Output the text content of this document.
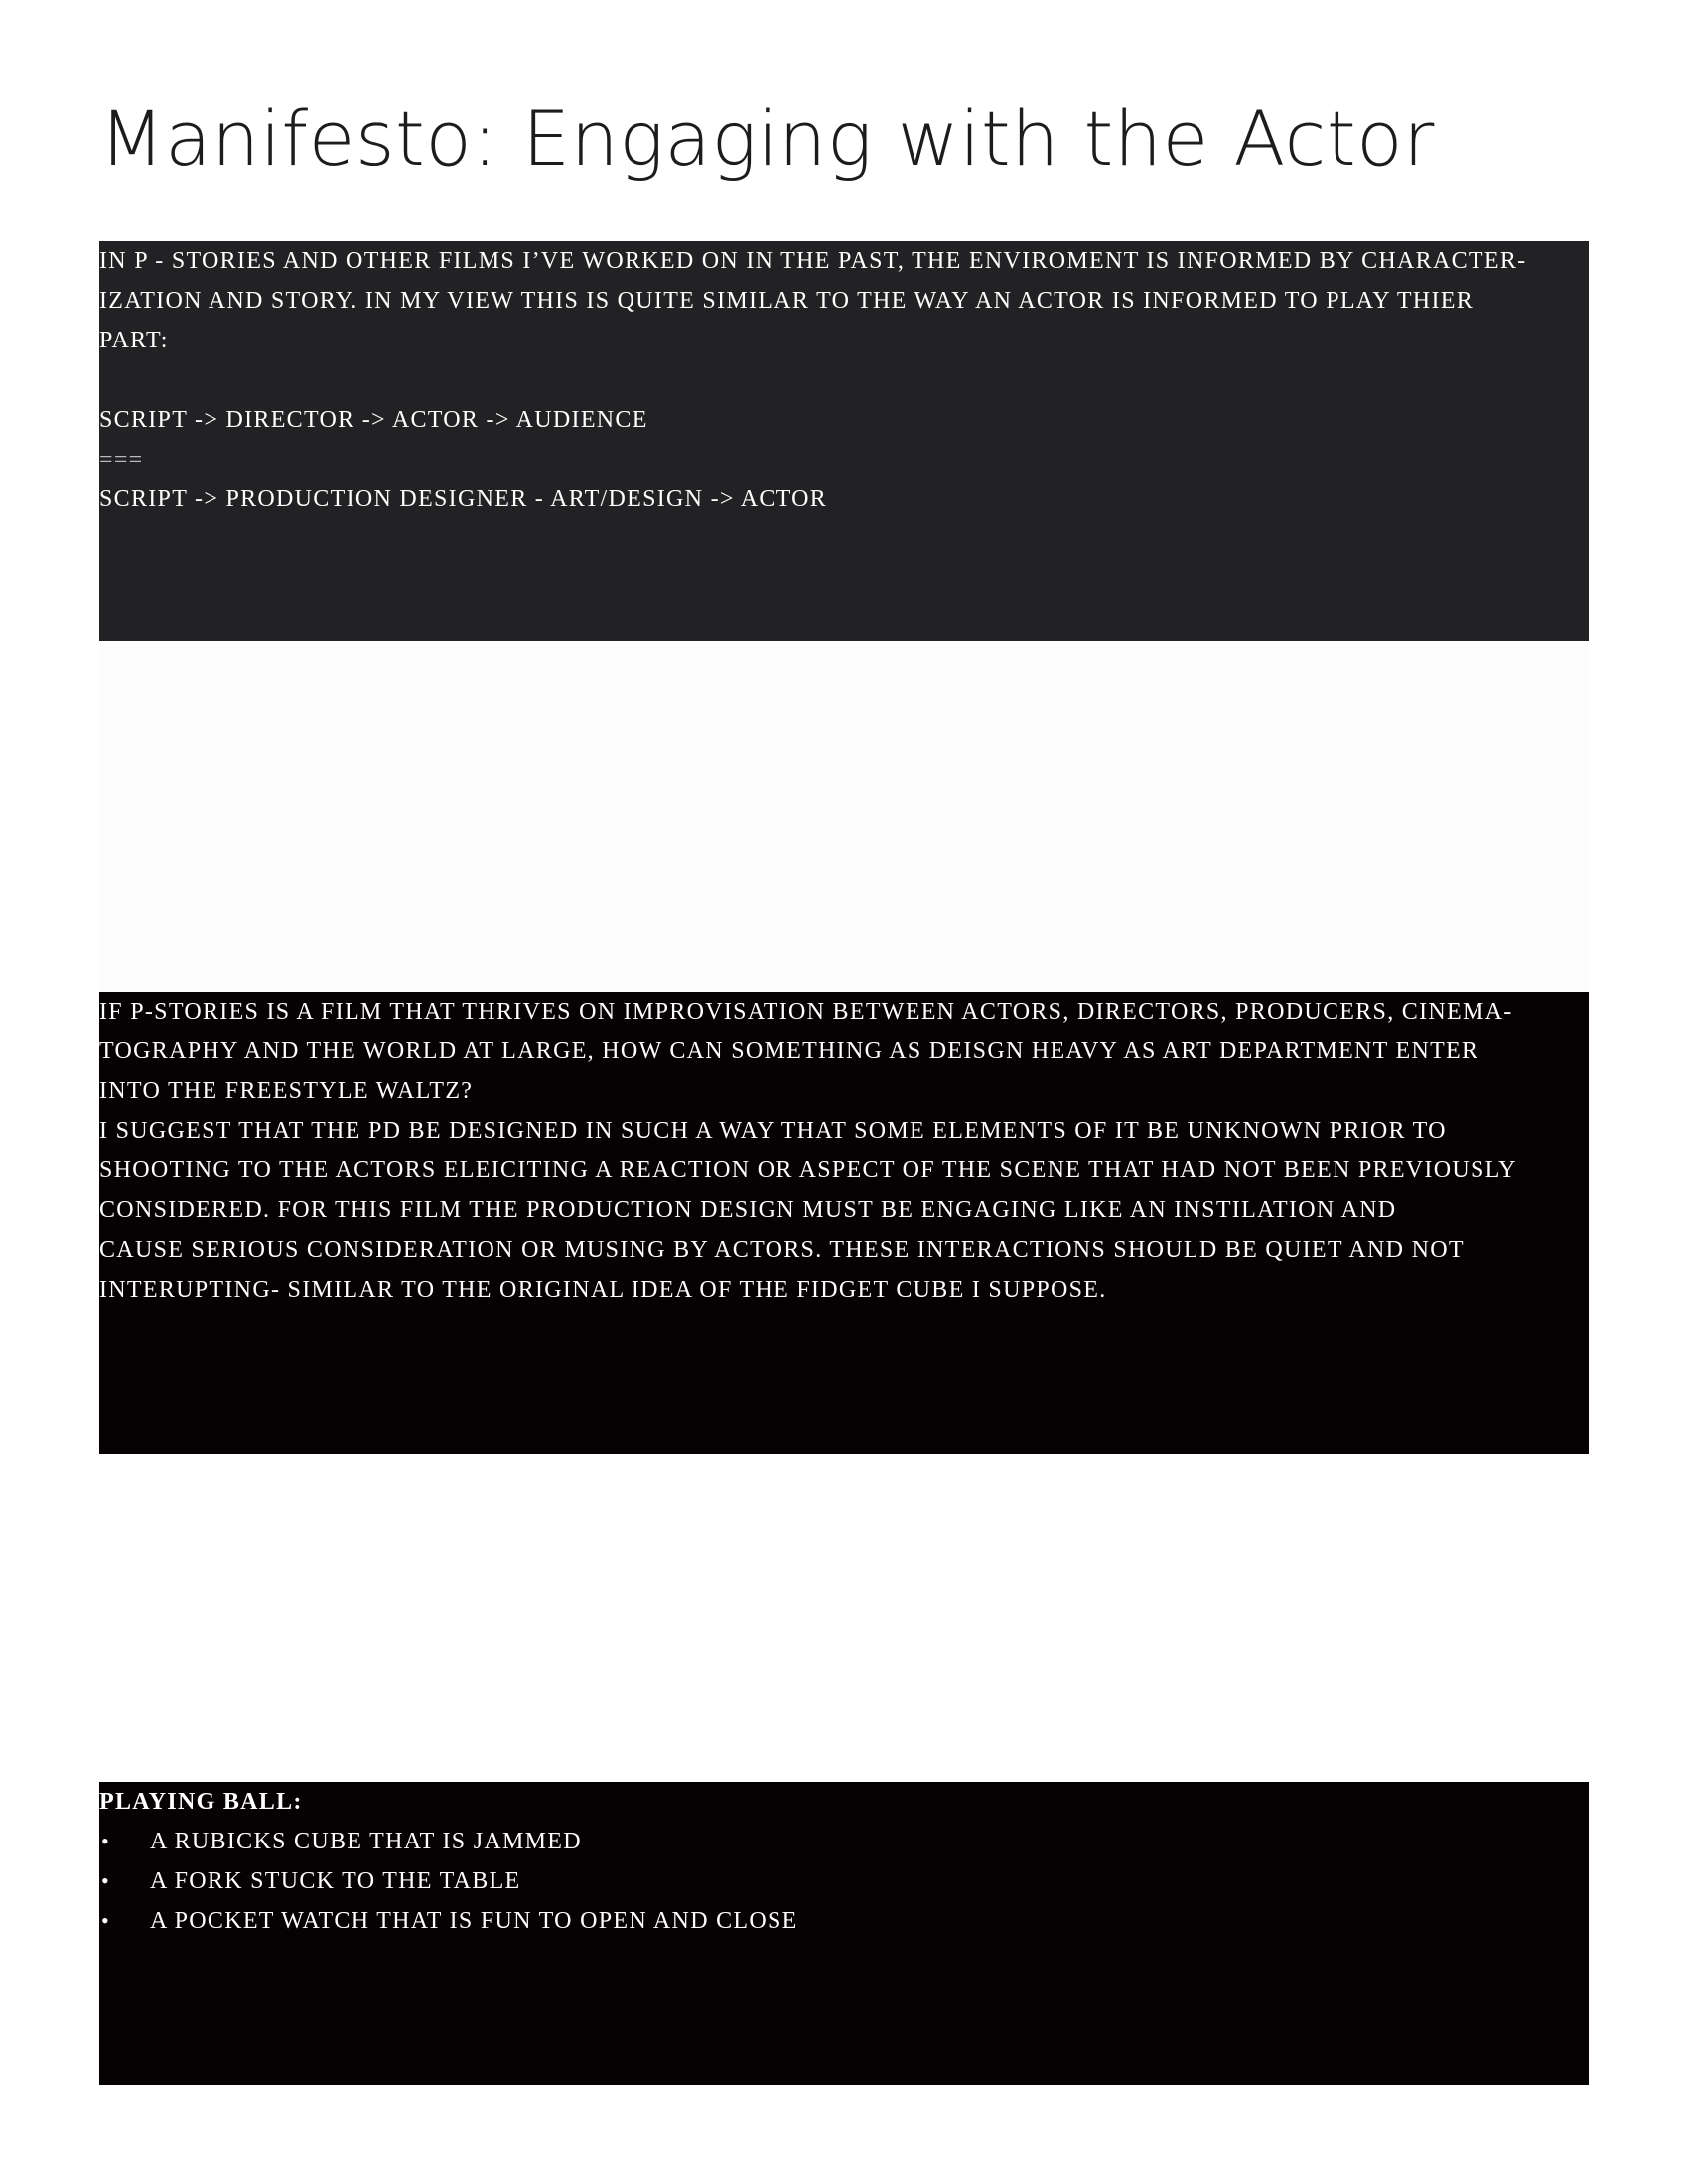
Manifesto: Engaging with the Actor
IN P - STORIES AND OTHER FILMS I’VE WORKED ON IN THE PAST, THE ENVIROMENT IS INFORMED BY CHARACTER-
IZATION AND STORY. IN MY VIEW THIS IS QUITE SIMILAR TO THE WAY AN ACTOR IS INFORMED TO PLAY THIER
PART:
SCRIPT -> DIRECTOR -> ACTOR -> AUDIENCE
===
SCRIPT -> PRODUCTION DESIGNER - ART/DESIGN -> ACTOR
IF P-STORIES IS A FILM THAT THRIVES ON IMPROVISATION BETWEEN ACTORS, DIRECTORS, PRODUCERS, CINEMA-
TOGRAPHY AND THE WORLD AT LARGE, HOW CAN SOMETHING AS DEISGN HEAVY AS ART DEPARTMENT ENTER
INTO THE FREESTYLE WALTZ?
I SUGGEST THAT THE PD BE DESIGNED IN SUCH A WAY THAT SOME ELEMENTS OF IT BE UNKNOWN PRIOR TO
SHOOTING TO THE ACTORS ELEICITING A REACTION OR ASPECT OF THE SCENE THAT HAD NOT BEEN PREVIOUSLY
CONSIDERED. FOR THIS FILM THE PRODUCTION DESIGN MUST BE ENGAGING LIKE AN INSTILATION AND
CAUSE SERIOUS CONSIDERATION OR MUSING BY ACTORS. THESE INTERACTIONS SHOULD BE QUIET AND NOT
INTERUPTING- SIMILAR TO THE ORIGINAL IDEA OF THE FIDGET CUBE I SUPPOSE.
PLAYING BALL:
• A RUBICKS CUBE THAT IS JAMMED
• A FORK STUCK TO THE TABLE
• A POCKET WATCH THAT IS FUN TO OPEN AND CLOSE
